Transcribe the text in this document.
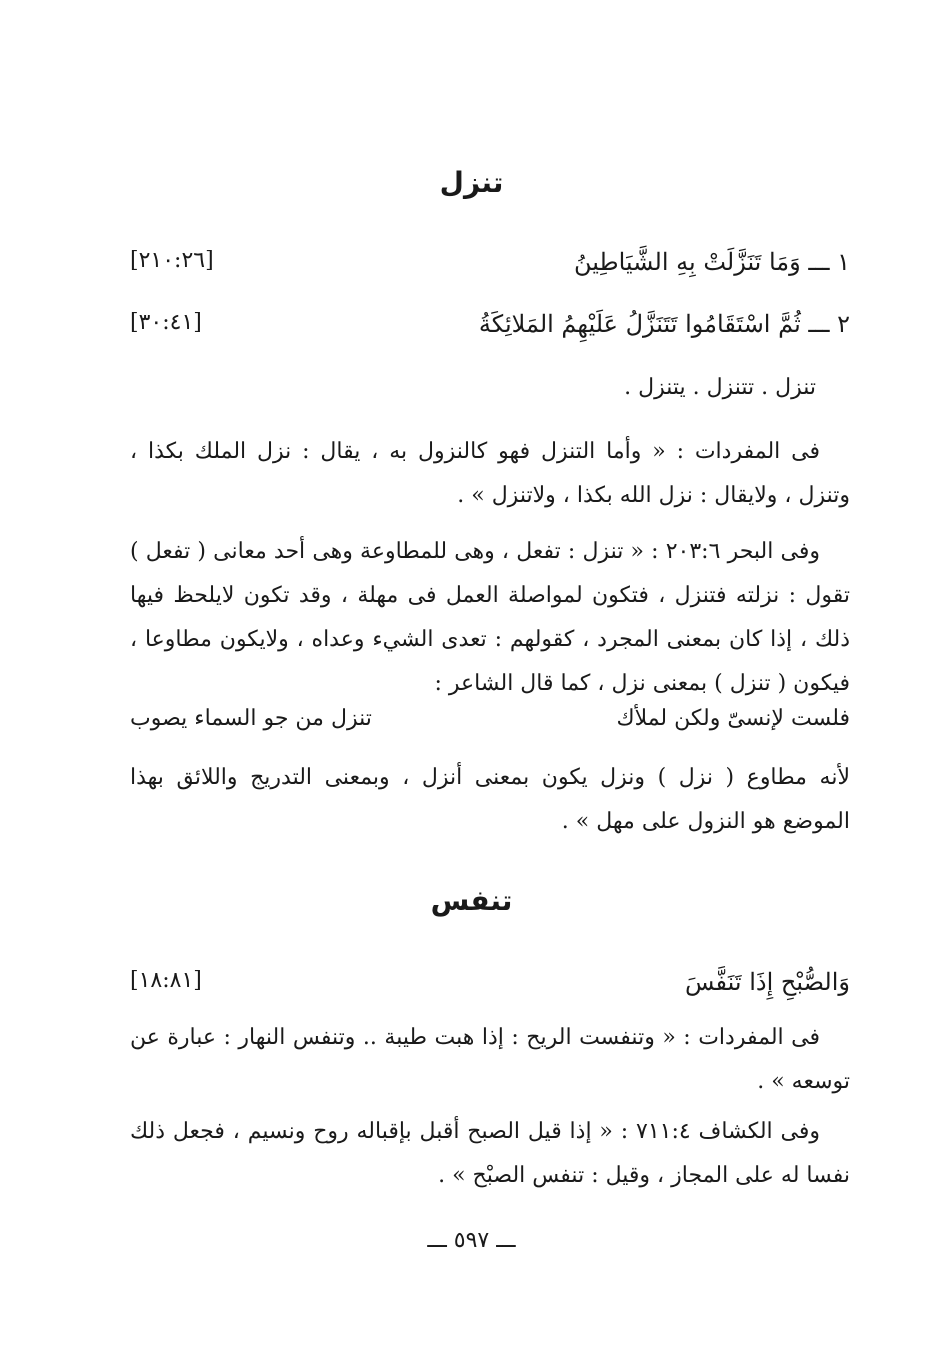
تنزل
١ ـــ وَمَا تَنَزَّلَتْ بِهِ الشَّيَاطِينُ
[٢١٠:٢٦]
٢ ـــ ثُمَّ اسْتَقَامُوا تَتَنَزَّلُ عَلَيْهِمُ المَلائِكَةُ
[٣٠:٤١]
تنزل . تتنزل . يتنزل .
فى المفردات : « وأما التنزل فهو كالنزول به ، يقال : نزل الملك بكذا ، وتنزل ، ولايقال : نزل الله بكذا ، ولاتنزل » .
وفى البحر ٢٠٣:٦ : « تنزل : تفعل ، وهى للمطاوعة وهى أحد معانى ( تفعل ) تقول : نزلته فتنزل ، فتكون لمواصلة العمل فى مهلة ، وقد تكون لايلحظ فيها ذلك ، إذا كان بمعنى المجرد ، كقولهم : تعدى الشيء وعداه ، ولايكون مطاوعا ، فيكون ( تنزل ) بمعنى نزل ، كما قال الشاعر :
فلست لإنسىّ ولكن لملأك
تنزل من جو السماء يصوب
لأنه مطاوع ( نزل ) ونزل يكون بمعنى أنزل ، وبمعنى التدريج واللائق بهذا الموضع هو النزول على مهل » .
تنفس
وَالصُّبْحِ إِذَا تَنَفَّسَ
[١٨:٨١]
فى المفردات : « وتنفست الريح : إذا هبت طيبة .. وتنفس النهار : عبارة عن توسعه » .
وفى الكشاف ٧١١:٤ : « إذا قيل الصبح أقبل بإقباله روح ونسيم ، فجعل ذلك نفسا له على المجاز ، وقيل : تنفس الصبْح » .
ـــ ٥٩٧ ـــ
